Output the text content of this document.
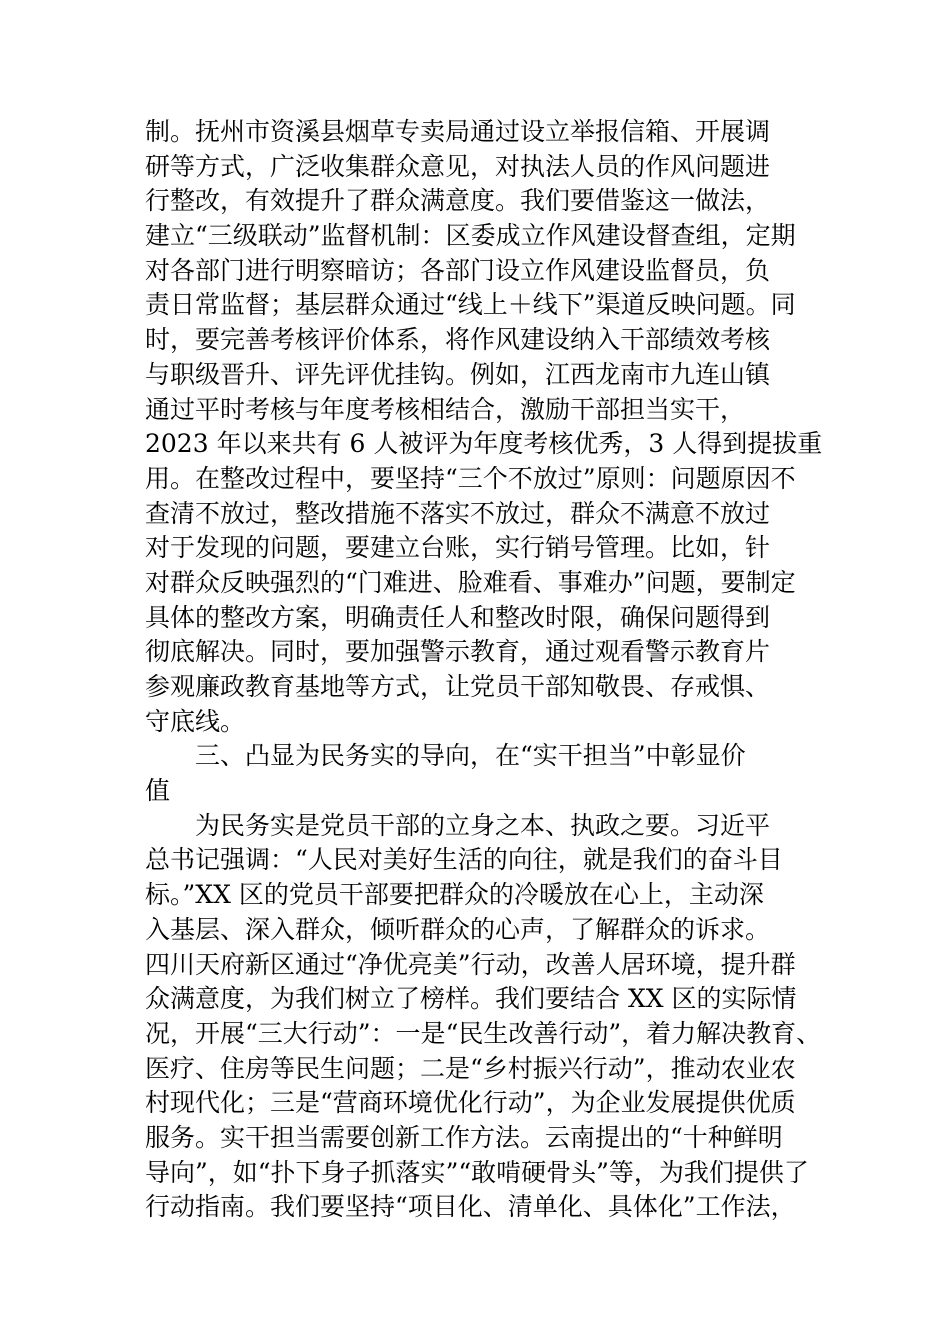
制。抚州市资溪县烟草专卖局通过设立举报信箱、开展调
研等方式，广泛收集群众意见，对执法人员的作风问题进
行整改，有效提升了群众满意度。我们要借鉴这一做法，
建立“三级联动”监督机制：区委成立作风建设督查组，定期
对各部门进行明察暗访；各部门设立作风建设监督员，负
责日常监督；基层群众通过“线上＋线下”渠道反映问题。同
时，要完善考核评价体系，将作风建设纳入干部绩效考核
与职级晋升、评先评优挂钩。例如，江西龙南市九连山镇
通过平时考核与年度考核相结合，激励干部担当实干，
2023 年以来共有 6 人被评为年度考核优秀，3 人得到提拔重
用。在整改过程中，要坚持“三个不放过”原则：问题原因不
查清不放过，整改措施不落实不放过，群众不满意不放过
对于发现的问题，要建立台账，实行销号管理。比如，针
对群众反映强烈的“门难进、脸难看、事难办”问题，要制定
具体的整改方案，明确责任人和整改时限，确保问题得到
彻底解决。同时，要加强警示教育，通过观看警示教育片
参观廉政教育基地等方式，让党员干部知敬畏、存戒惧、
守底线。
三、凸显为民务实的导向，在“实干担当”中彰显价
值
为民务实是党员干部的立身之本、执政之要。习近平
总书记强调：“人民对美好生活的向往，就是我们的奋斗目
标。”XX 区的党员干部要把群众的冷暖放在心上，主动深
入基层、深入群众，倾听群众的心声，了解群众的诉求。
四川天府新区通过“净优亮美”行动，改善人居环境，提升群
众满意度，为我们树立了榜样。我们要结合 XX 区的实际情
况，开展“三大行动”：一是“民生改善行动”，着力解决教育、
医疗、住房等民生问题；二是“乡村振兴行动”，推动农业农
村现代化；三是“营商环境优化行动”，为企业发展提供优质
服务。实干担当需要创新工作方法。云南提出的“十种鲜明
导向”，如“扑下身子抓落实”“敢啃硬骨头”等，为我们提供了
行动指南。我们要坚持“项目化、清单化、具体化”工作法，
